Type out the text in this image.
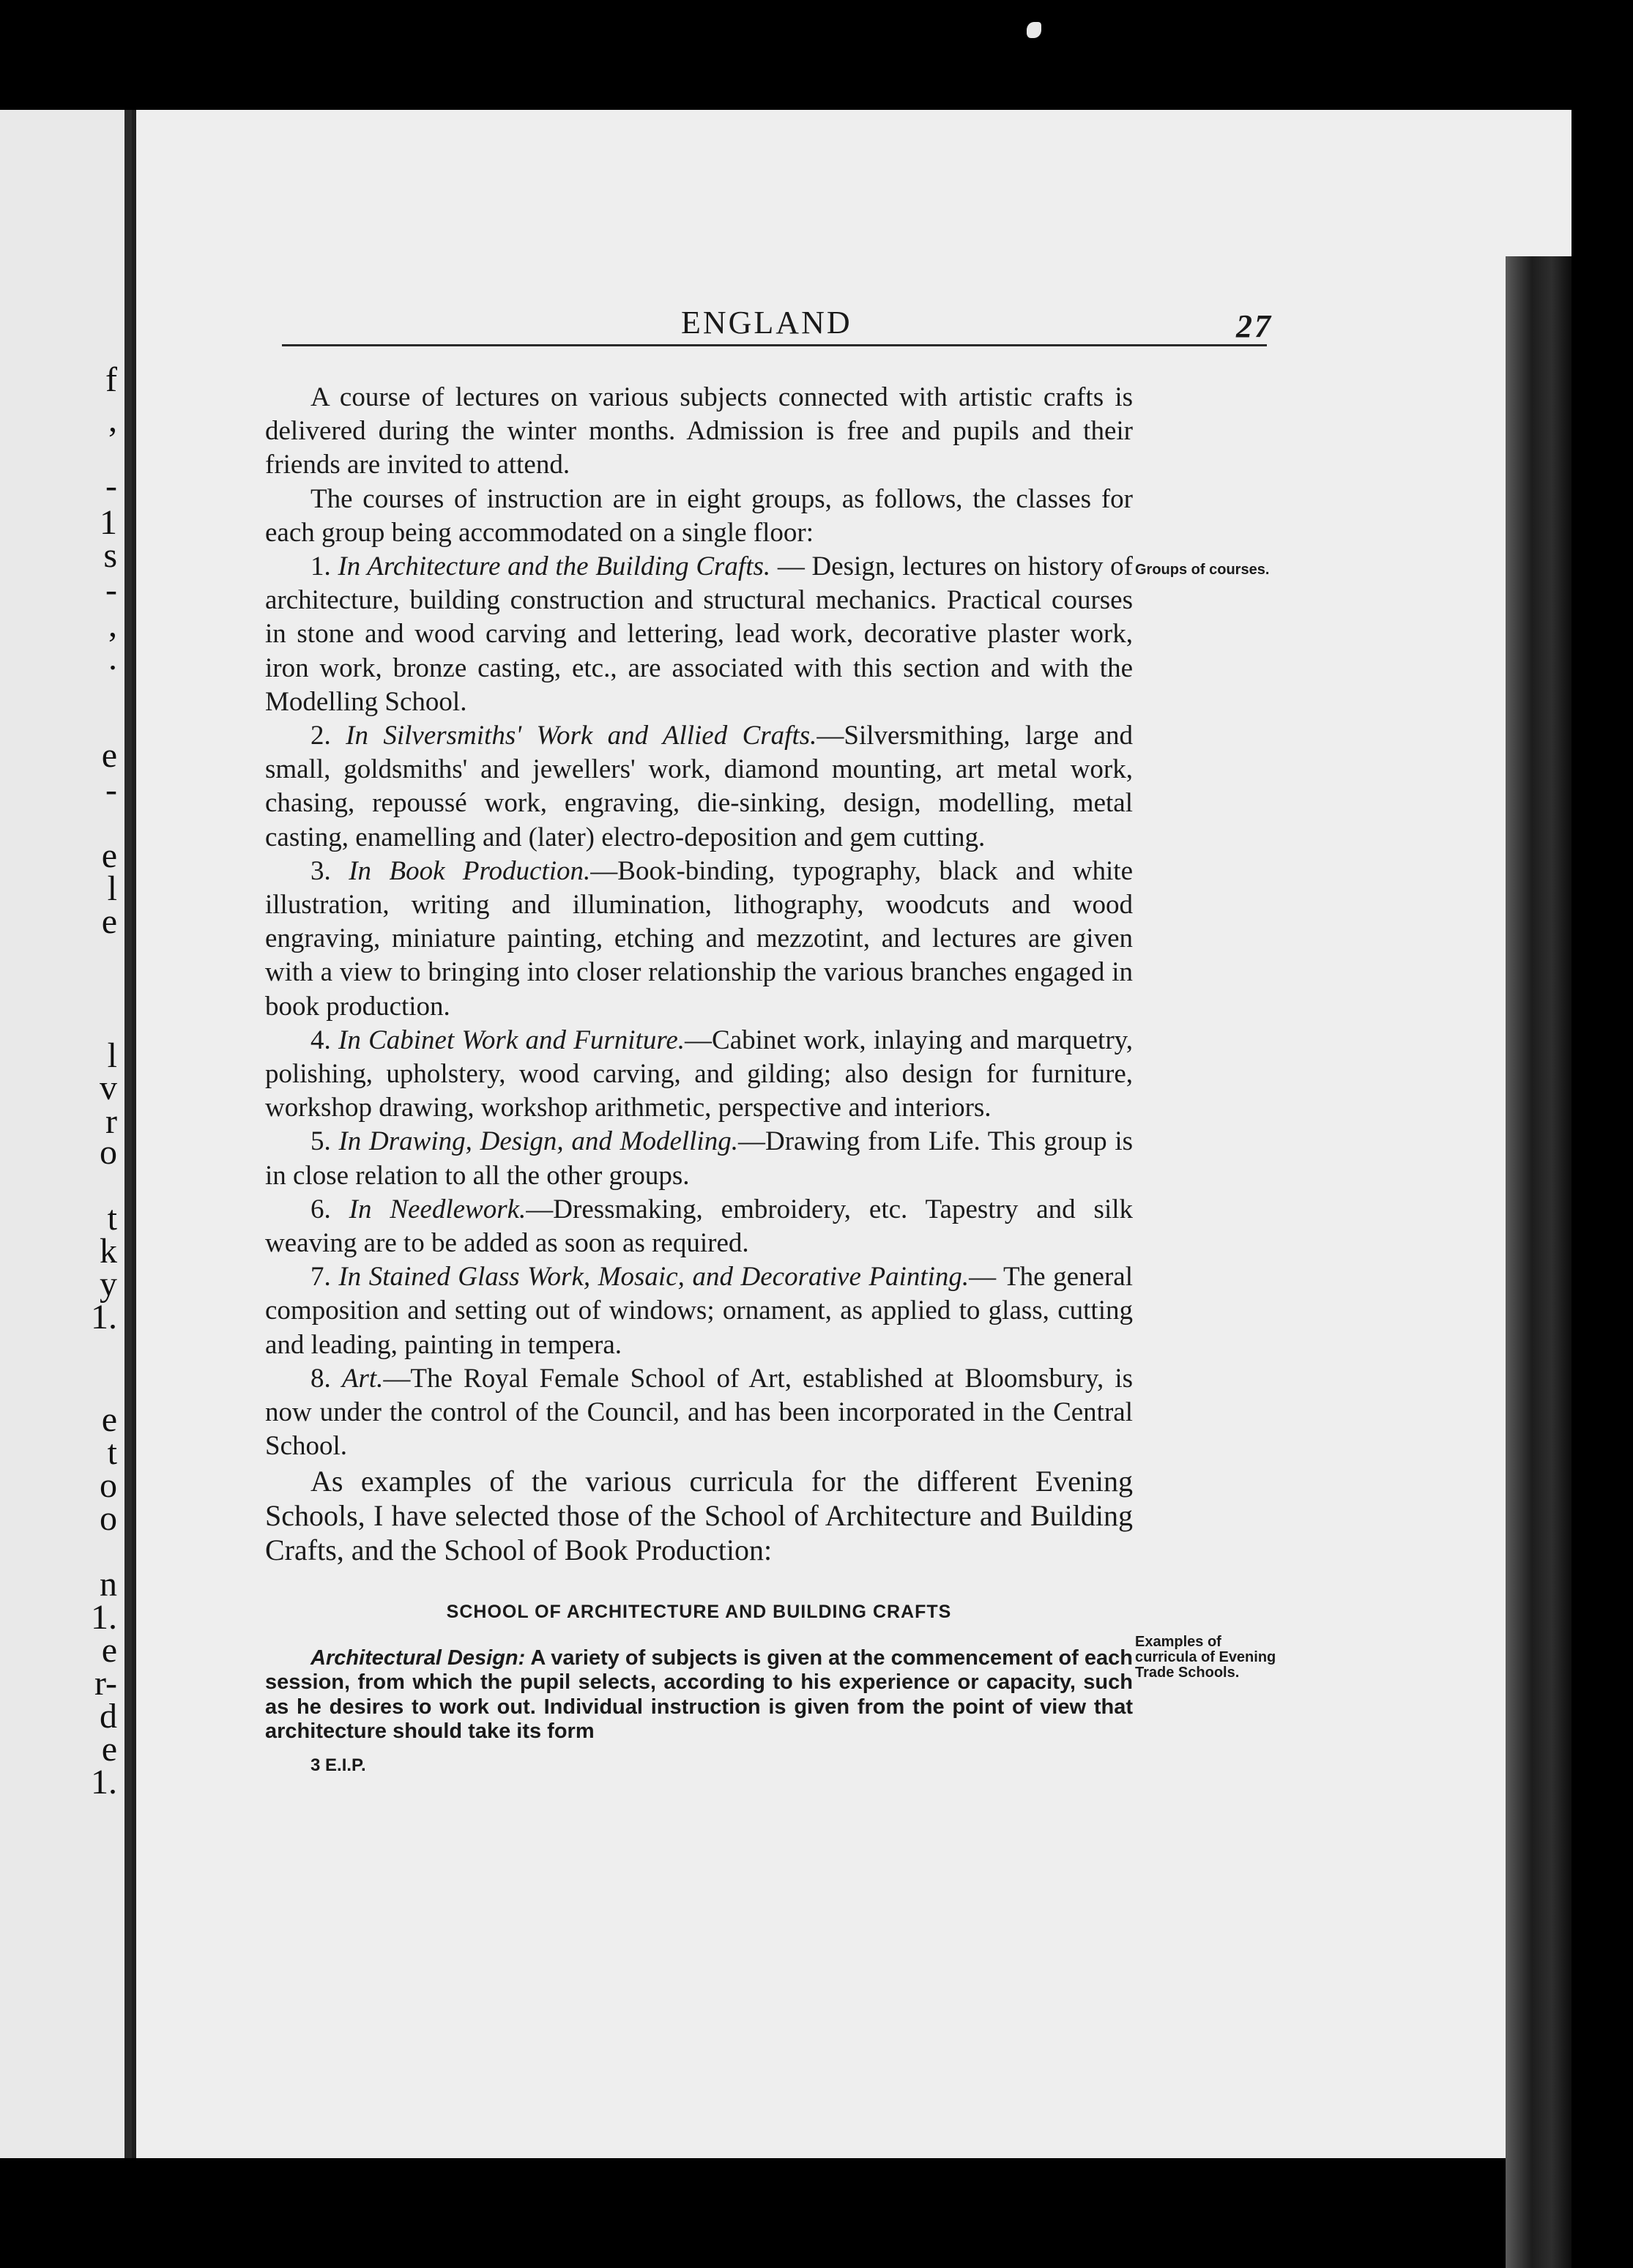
f
,
-
1
s
-
,
.
e
-
e
l
e
l
v
r
o
t
k
y
1.
e
t
o
o
n
1.
e
r-
d
e
1.
ENGLAND	27
Groups of courses.
Examples of curricula of Evening Trade Schools.

A course of lectures on various subjects connected with artistic crafts is delivered during the winter months. Admission is free and pupils and their friends are invited to attend.

The courses of instruction are in eight groups, as follows, the classes for each group being accommodated on a single floor:

1. In Architecture and the Building Crafts. — Design, lectures on history of architecture, building construction and structural mechanics. Practical courses in stone and wood carving and lettering, lead work, decorative plaster work, iron work, bronze casting, etc., are associated with this section and with the Modelling School.

2. In Silversmiths' Work and Allied Crafts.—Silversmithing, large and small, goldsmiths' and jewellers' work, diamond mounting, art metal work, chasing, repoussé work, engraving, die-sinking, design, modelling, metal casting, enamelling and (later) electro-deposition and gem cutting.

3. In Book Production.—Book-binding, typography, black and white illustration, writing and illumination, lithography, woodcuts and wood engraving, miniature painting, etching and mezzotint, and lectures are given with a view to bringing into closer relationship the various branches engaged in book production.

4. In Cabinet Work and Furniture.—Cabinet work, inlaying and marquetry, polishing, upholstery, wood carving, and gilding; also design for furniture, workshop drawing, workshop arithmetic, perspective and interiors.

5. In Drawing, Design, and Modelling.—Drawing from Life. This group is in close relation to all the other groups.

6. In Needlework.—Dressmaking, embroidery, etc. Tapestry and silk weaving are to be added as soon as required.

7. In Stained Glass Work, Mosaic, and Decorative Painting.— The general composition and setting out of windows; ornament, as applied to glass, cutting and leading, painting in tempera.

8. Art.—The Royal Female School of Art, established at Bloomsbury, is now under the control of the Council, and has been incorporated in the Central School.

As examples of the various curricula for the different Evening Schools, I have selected those of the School of Architecture and Building Crafts, and the School of Book Production:

SCHOOL OF ARCHITECTURE AND BUILDING CRAFTS

Architectural Design: A variety of subjects is given at the commencement of each session, from which the pupil selects, according to his experience or capacity, such as he desires to work out. Individual instruction is given from the point of view that architecture should take its form

3 E.I.P.
